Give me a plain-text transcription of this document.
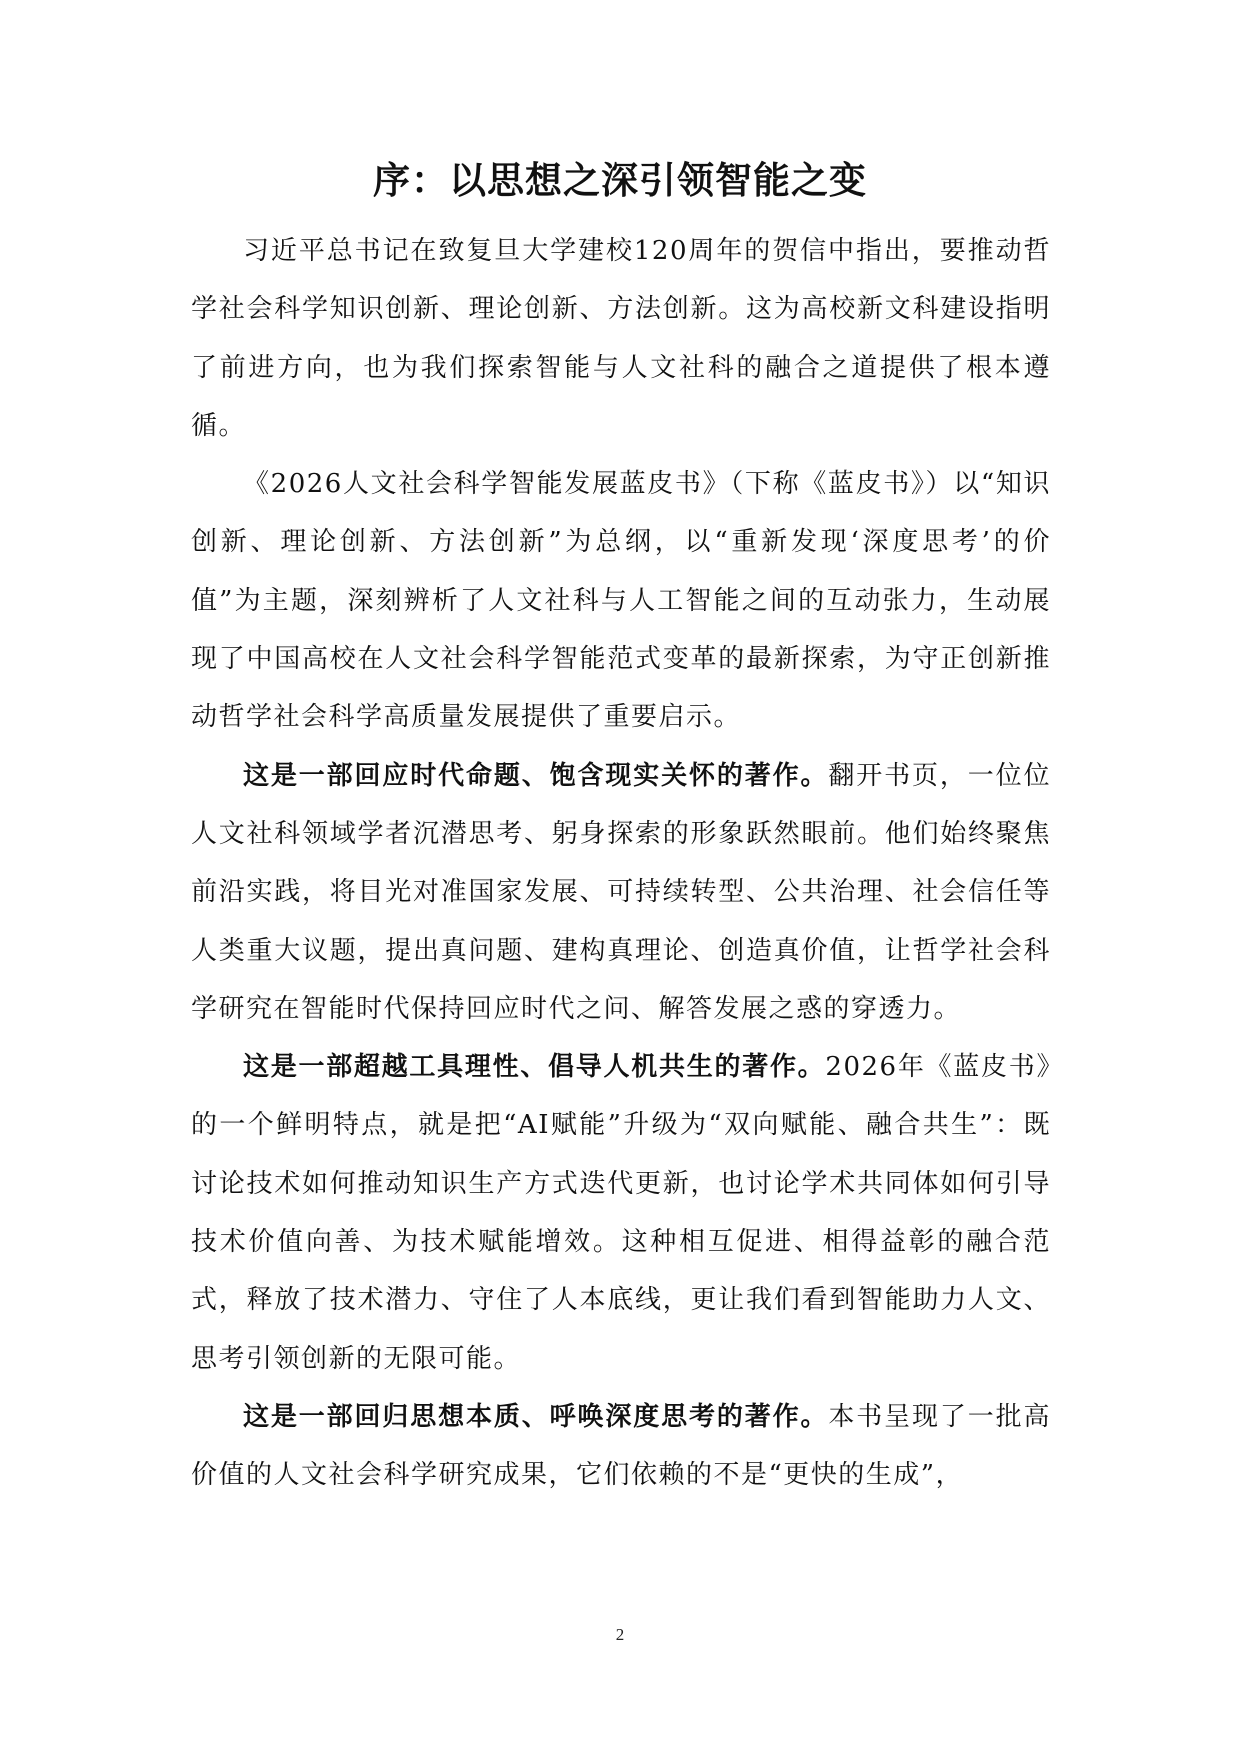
序：以思想之深引领智能之变

习近平总书记在致复旦大学建校120周年的贺信中指出，要推动哲学社会科学知识创新、理论创新、方法创新。这为高校新文科建设指明了前进方向，也为我们探索智能与人文社科的融合之道提供了根本遵循。

《2026人文社会科学智能发展蓝皮书》（下称《蓝皮书》）以“知识创新、理论创新、方法创新”为总纲，以“重新发现‘深度思考’的价值”为主题，深刻辨析了人文社科与人工智能之间的互动张力，生动展现了中国高校在人文社会科学智能范式变革的最新探索，为守正创新推动哲学社会科学高质量发展提供了重要启示。

这是一部回应时代命题、饱含现实关怀的著作。翻开书页，一位位人文社科领域学者沉潜思考、躬身探索的形象跃然眼前。他们始终聚焦前沿实践，将目光对准国家发展、可持续转型、公共治理、社会信任等人类重大议题，提出真问题、建构真理论、创造真价值，让哲学社会科学研究在智能时代保持回应时代之问、解答发展之惑的穿透力。

这是一部超越工具理性、倡导人机共生的著作。2026年《蓝皮书》的一个鲜明特点，就是把“AI赋能”升级为“双向赋能、融合共生”：既讨论技术如何推动知识生产方式迭代更新，也讨论学术共同体如何引导技术价值向善、为技术赋能增效。这种相互促进、相得益彰的融合范式，释放了技术潜力、守住了人本底线，更让我们看到智能助力人文、思考引领创新的无限可能。

这是一部回归思想本质、呼唤深度思考的著作。本书呈现了一批高价值的人文社会科学研究成果，它们依赖的不是“更快的生成”，

2
